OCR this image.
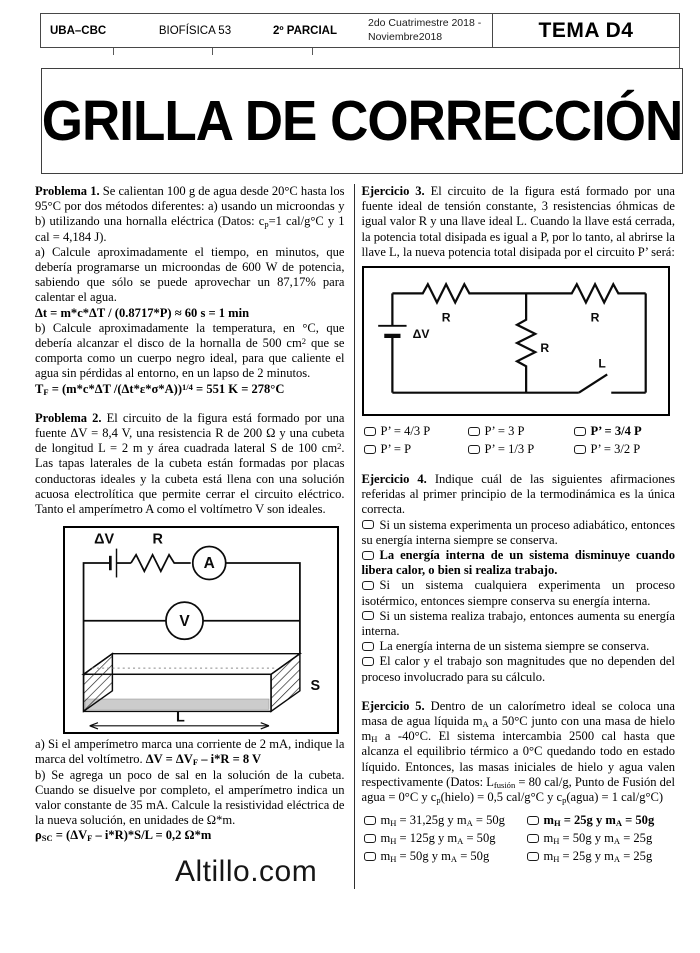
UBA–CBC	BIOFÍSICA 53	2º PARCIAL
2do Cuatrimestre 2018 -
Noviembre2018	TEMA D4
GRILLA DE CORRECCIÓN

Problema 1. Se calientan 100 g de agua desde 20°C hasta los 95°C por dos métodos diferentes: a) usando un microondas y b) utilizando una hornalla eléctrica (Datos: $c_p=1$ cal/g°C y 1 cal = 4,184 J).

a) Calcule aproximadamente el tiempo, en minutos, que debería programarse un microondas de 600 W de potencia, sabiendo que sólo se puede aprovechar un 87,17% para calentar el agua.

Δt = m*c*ΔT / (0.8717*P) ≈ 60 s = 1 min

b) Calcule aproximadamente la temperatura, en °C, que debería alcanzar el disco de la hornalla de 500 $cm^2$ que se comporta como un cuerpo negro ideal, para que caliente el agua sin pérdidas al entorno, en un lapso de 2 minutos.

$T_F = (m*c*\Delta T$ /(Δt*ε*σ*A))$^{1/4}$ = 551 K = 278°C

Problema 2. El circuito de la figura está formado por una fuente ΔV = 8,4 V, una resistencia R de 200 Ω y una cubeta de longitud L = 2 m y área cuadrada lateral S de 100 $cm^2$. Las tapas laterales de la cubeta están formadas por placas conductoras ideales y la cubeta está llena con una solución acuosa electrolítica que permite cerrar el circuito eléctrico. Tanto el amperímetro A como el voltímetro V son ideales.

A
V
ΔV	R
S
L

a) Si el amperímetro marca una corriente de 2 mA, indique la marca del voltímetro. $\Delta V = \Delta V_F - i*R = 8$ V

b) Se agrega un poco de sal en la solución de la cubeta. Cuando se disuelve por completo, el amperímetro indica un valor constante de 35 mA. Calcule la resistividad eléctrica de la nueva solución, en unidades de Ω*m.

$\rho_{SC} = (\Delta V_F - i*R)*S/L = 0,2$ Ω*m

Altillo.com

Ejercicio 3. El circuito de la figura está formado por una fuente ideal de tensión constante, 3 resistencias óhmicas de igual valor R y una llave ideal L. Cuando la llave está cerrada, la potencia total disipada es igual a P, por lo tanto, al abrirse la llave L, la nueva potencia total disipada por el circuito P’ será:

R	R
R
ΔV
L
P’ = 4/3 P	P’ = 3 P	P’ = 3/4 P
P’ = P	P’ = 1/3 P	P’ = 3/2 P

Ejercicio 4. Indique cuál de las siguientes afirmaciones referidas al primer principio de la termodinámica es la única correcta.

Si un sistema experimenta un proceso adiabático, entonces su energía interna siempre se conserva.

La energía interna de un sistema disminuye cuando libera calor, o bien si realiza trabajo.

Si un sistema cualquiera experimenta un proceso isotérmico, entonces siempre conserva su energía interna.

Si un sistema realiza trabajo, entonces aumenta su energía interna.

La energía interna de un sistema siempre se conserva.

El calor y el trabajo son magnitudes que no dependen del proceso involucrado para su cálculo.

Ejercicio 5. Dentro de un calorímetro ideal se coloca una masa de agua líquida $m_A$ a 50°C junto con una masa de hielo $m_H$ a -40°C. El sistema intercambia 2500 cal hasta que alcanza el equilibrio térmico a 0°C quedando todo en estado líquido. Entonces, las masas iniciales de hielo y agua valen respectivamente (Datos: $L_{fusión} = 80$ cal/g, Punto de Fusión del agua = 0°C y $c_p(hielo) = 0,5$ cal/g°C y $c_p(agua) = 1$ cal/g°C)

$m_H = 31,25g$ y $m_A = 50g$	$m_H = 25g$ y $m_A = 50g$
$m_H = 125g$ y $m_A = 50g$	$m_H = 50g$ y $m_A = 25g$
$m_H = 50g$ y $m_A = 50g$	$m_H = 25g$ y $m_A = 25g$
